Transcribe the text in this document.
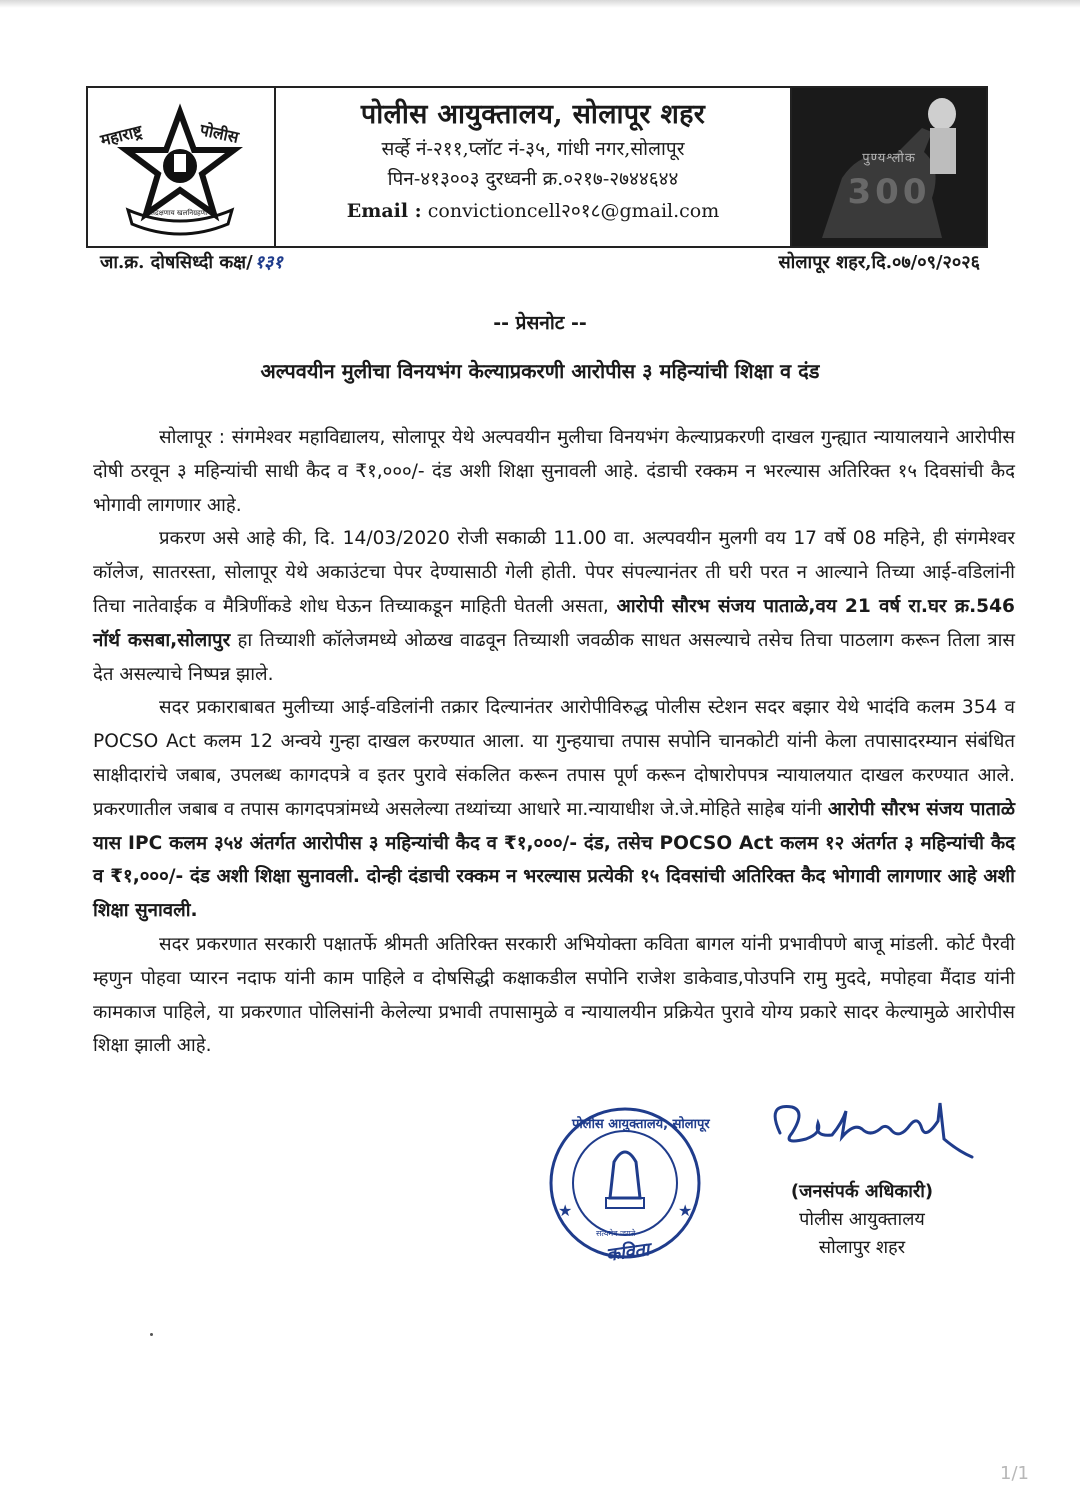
महाराष्ट्र	पोलीस
सद्रक्षणाय खलनिग्रहणाय
पोलीस आयुक्तालय, सोलापूर शहर
सर्व्हे नं-२११,प्लॉट नं-३५, गांधी नगर,सोलापूर
पिन-४१३००३ दुरध्वनी क्र.०२१७-२७४४६४४
Email : convictioncell२०१८@gmail.com
पुण्यश्लोक
300
जा.क्र. दोषसिध्दी कक्ष/ १३१	सोलापूर शहर,दि.०७/०९/२०२६
-- प्रेसनोट --
अल्पवयीन मुलीचा विनयभंग केल्याप्रकरणी आरोपीस ३ महिन्यांची शिक्षा व दंड

सोलापूर : संगमेश्वर महाविद्यालय, सोलापूर येथे अल्पवयीन मुलीचा विनयभंग केल्याप्रकरणी दाखल गुन्ह्यात न्यायालयाने आरोपीस दोषी ठरवून ३ महिन्यांची साधी कैद व ₹१,०००/- दंड अशी शिक्षा सुनावली आहे. दंडाची रक्कम न भरल्यास अतिरिक्त १५ दिवसांची कैद भोगावी लागणार आहे.

प्रकरण असे आहे की, दि. 14/03/2020 रोजी सकाळी 11.00 वा. अल्पवयीन मुलगी वय 17 वर्षे 08 महिने, ही संगमेश्वर कॉलेज, सातरस्ता, सोलापूर येथे अकाउंटचा पेपर देण्यासाठी गेली होती. पेपर संपल्यानंतर ती घरी परत न आल्याने तिच्या आई-वडिलांनी तिचा नातेवाईक व मैत्रिणींकडे शोध घेऊन तिच्याकडून माहिती घेतली असता, आरोपी सौरभ संजय पाताळे,वय 21 वर्ष रा.घर क्र.546 नॉर्थ कसबा,सोलापुर हा तिच्याशी कॉलेजमध्ये ओळख वाढवून तिच्याशी जवळीक साधत असल्याचे तसेच तिचा पाठलाग करून तिला त्रास देत असल्याचे निष्पन्न झाले.

सदर प्रकाराबाबत मुलीच्या आई-वडिलांनी तक्रार दिल्यानंतर आरोपीविरुद्ध पोलीस स्टेशन सदर बझार येथे भादंवि कलम 354 व POCSO Act कलम 12 अन्वये गुन्हा दाखल करण्यात आला. या गुन्हयाचा तपास सपोनि चानकोटी यांनी केला तपासादरम्यान संबंधित साक्षीदारांचे जबाब, उपलब्ध कागदपत्रे व इतर पुरावे संकलित करून तपास पूर्ण करून दोषारोपपत्र न्यायालयात दाखल करण्यात आले. प्रकरणातील जबाब व तपास कागदपत्रांमध्ये असलेल्या तथ्यांच्या आधारे मा.न्यायाधीश जे.जे.मोहिते साहेब यांनी आरोपी सौरभ संजय पाताळे यास IPC कलम ३५४ अंतर्गत आरोपीस ३ महिन्यांची कैद व ₹१,०००/- दंड, तसेच POCSO Act कलम १२ अंतर्गत ३ महिन्यांची कैद व ₹१,०००/- दंड अशी शिक्षा सुनावली. दोन्ही दंडाची रक्कम न भरल्यास प्रत्येकी १५ दिवसांची अतिरिक्त कैद भोगावी लागणार आहे अशी शिक्षा सुनावली.

सदर प्रकरणात सरकारी पक्षातर्फे श्रीमती अतिरिक्त सरकारी अभियोक्ता कविता बागल यांनी प्रभावीपणे बाजू मांडली. कोर्ट पैरवी म्हणुन पोहवा प्यारन नदाफ यांनी काम पाहिले व दोषसिद्धी कक्षाकडील सपोनि राजेश डाकेवाड,पोउपनि रामु मुददे, मपोहवा मैंदाड यांनी कामकाज पाहिले, या प्रकरणात पोलिसांनी केलेल्या प्रभावी तपासामुळे व न्यायालयीन प्रक्रियेत पुरावे योग्य प्रकारे सादर केल्यामुळे आरोपीस शिक्षा झाली आहे.

★	★
पोलीस आयुक्तालय, सोलापूर
सत्यमेव जयते
कविता
(जनसंपर्क अधिकारी)
पोलीस आयुक्तालय
सोलापुर शहर
1/1
